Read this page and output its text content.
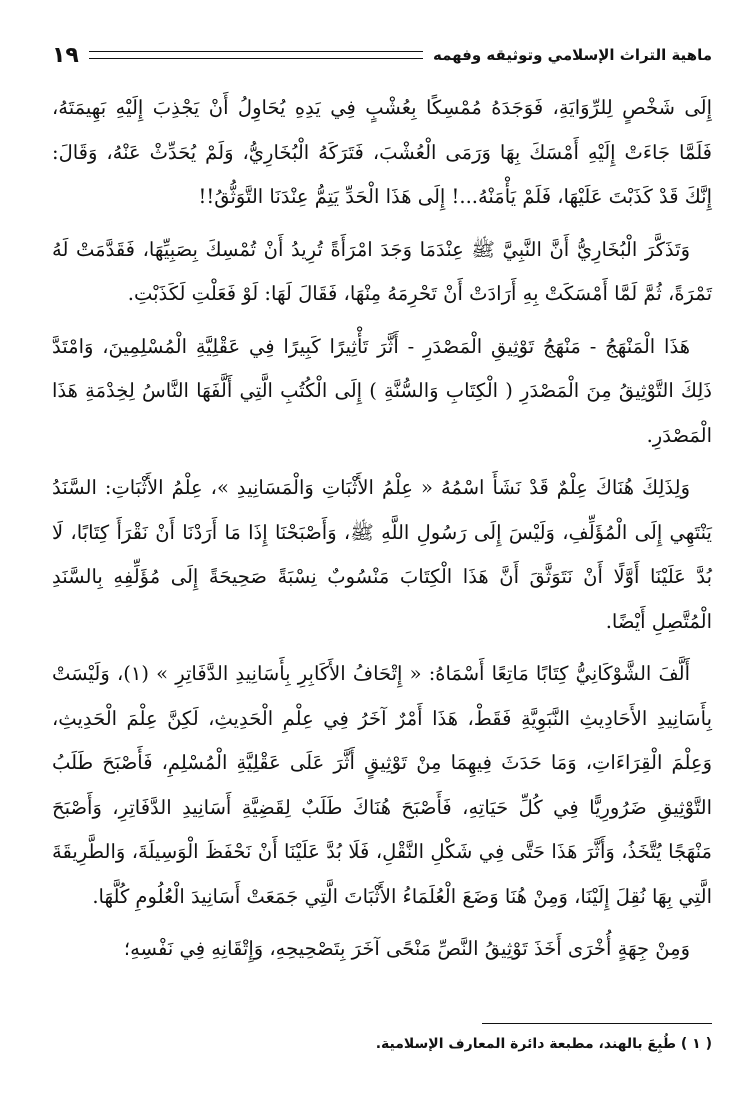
ماهية التراث الإسلامي وتوثيقه وفهمه
١٩

إِلَى شَخْصٍ لِلرِّوَايَةِ، فَوَجَدَهُ مُمْسِكًا بِعُشْبٍ فِي يَدِهِ يُحَاوِلُ أَنْ يَجْذِبَ إِلَيْهِ بَهِيمَتَهُ، فَلَمَّا جَاءَتْ إِلَيْهِ أَمْسَكَ بِهَا وَرَمَى الْعُشْبَ، فَتَرَكَهُ الْبُخَارِيُّ، وَلَمْ يُحَدِّثْ عَنْهُ، وَقَالَ: إِنَّكَ قَدْ كَذَبْتَ عَلَيْهَا، فَلَمْ يَأْمَنْهُ...! إِلَى هَذَا الْحَدِّ يَتِمُّ عِنْدَنَا التَّوَثُّقُ!!

وَتَذَكَّرَ الْبُخَارِيُّ أَنَّ النَّبِيَّ ﷺ عِنْدَمَا وَجَدَ امْرَأَةً تُرِيدُ أَنْ تُمْسِكَ بِصَبِيِّهَا، فَقَدَّمَتْ لَهُ تَمْرَةً، ثُمَّ لَمَّا أَمْسَكَتْ بِهِ أَرَادَتْ أَنْ تَحْرِمَهُ مِنْهَا، فَقَالَ لَهَا: لَوْ فَعَلْتِ لَكَذَبْتِ.

هَذَا الْمَنْهَجُ - مَنْهَجُ تَوْثِيقِ الْمَصْدَرِ - أَثَّرَ تَأْثِيرًا كَبِيرًا فِي عَقْلِيَّةِ الْمُسْلِمِينَ، وَامْتَدَّ ذَلِكَ التَّوْثِيقُ مِنَ الْمَصْدَرِ ( الْكِتَابِ وَالسُّنَّةِ ) إِلَى الْكُتُبِ الَّتِي أَلَّفَهَا النَّاسُ لِخِدْمَةِ هَذَا الْمَصْدَرِ.

وَلِذَلِكَ هُنَاكَ عِلْمٌ قَدْ نَشَأَ اسْمُهُ « عِلْمُ الأَثْبَاتِ وَالْمَسَانِيدِ »، عِلْمُ الأَثْبَاتِ: السَّنَدُ يَنْتَهِي إِلَى الْمُؤَلِّفِ، وَلَيْسَ إِلَى رَسُولِ اللَّهِ ﷺ، وَأَصْبَحْنَا إِذَا مَا أَرَدْنَا أَنْ نَقْرَأَ كِتَابًا، لَا بُدَّ عَلَيْنَا أَوَّلًا أَنْ نَتَوَثَّقَ أَنَّ هَذَا الْكِتَابَ مَنْسُوبٌ نِسْبَةً صَحِيحَةً إِلَى مُؤَلِّفِهِ بِالسَّنَدِ الْمُتَّصِلِ أَيْضًا.

أَلَّفَ الشَّوْكَانِيُّ كِتَابًا مَاتِعًا أَسْمَاهُ: « إِتْحَافُ الأَكَابِرِ بِأَسَانِيدِ الدَّفَاتِرِ » (١)، وَلَيْسَتْ بِأَسَانِيدِ الأَحَادِيثِ النَّبَوِيَّةِ فَقَطْ، هَذَا أَمْرٌ آخَرُ فِي عِلْمِ الْحَدِيثِ، لَكِنَّ عِلْمَ الْحَدِيثِ، وَعِلْمَ الْقِرَاءَاتِ، وَمَا حَدَثَ فِيهِمَا مِنْ تَوْثِيقٍ أَثَّرَ عَلَى عَقْلِيَّةِ الْمُسْلِمِ، فَأَصْبَحَ طَلَبُ التَّوْثِيقِ ضَرُورِيًّا فِي كُلِّ حَيَاتِهِ، فَأَصْبَحَ هُنَاكَ طَلَبٌ لِقَضِيَّةِ أَسَانِيدِ الدَّفَاتِرِ، وَأَصْبَحَ مَنْهَجًا يُتَّخَذُ، وَأَثَّرَ هَذَا حَتَّى فِي شَكْلِ النَّقْلِ، فَلَا بُدَّ عَلَيْنَا أَنْ نَحْفَظَ الْوَسِيلَةَ، وَالطَّرِيقَةَ الَّتِي بِهَا نُقِلَ إِلَيْنَا، وَمِنْ هُنَا وَضَعَ الْعُلَمَاءُ الأَثْبَاتَ الَّتِي جَمَعَتْ أَسَانِيدَ الْعُلُومِ كُلَّهَا.

وَمِنْ جِهَةٍ أُخْرَى أَخَذَ تَوْثِيقُ النَّصِّ مَنْحًى آخَرَ بِتَصْحِيحِهِ، وَإِتْقَانِهِ فِي نَفْسِهِ؛

( ١ ) طُبِعَ بالهند، مطبعة دائرة المعارف الإسلامية.
